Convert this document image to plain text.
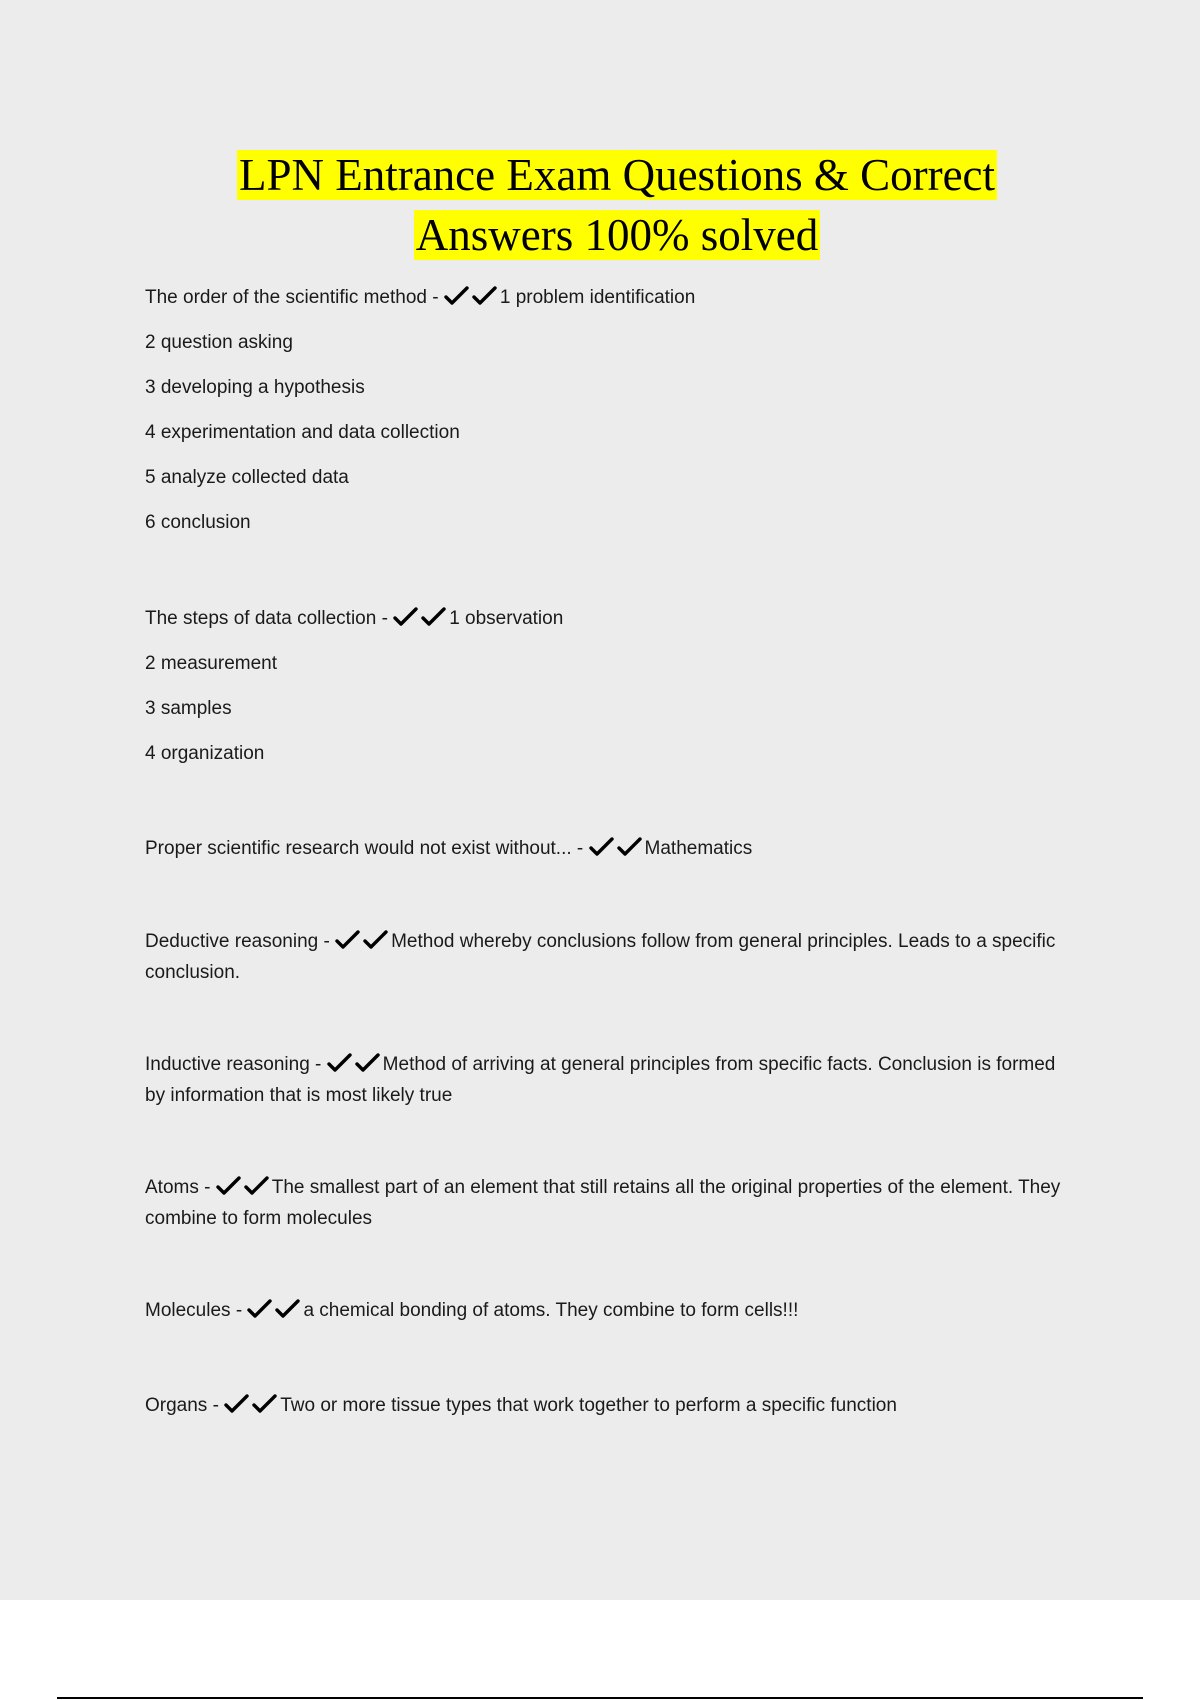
LPN Entrance Exam Questions & Correct
Answers 100% solved
The order of the scientific method -	1 problem identification
2 question asking
3 developing a hypothesis
4 experimentation and data collection
5 analyze collected data
6 conclusion
The steps of data collection -	1 observation
2 measurement
3 samples
4 organization
Proper scientific research would not exist without... -	Mathematics
Deductive reasoning -	Method whereby conclusions follow from general principles. Leads to a specific conclusion.
Inductive reasoning -	Method of arriving at general principles from specific facts. Conclusion is formed by information that is most likely true
Atoms -	The smallest part of an element that still retains all the original properties of the element. They combine to form molecules
Molecules -	a chemical bonding of atoms. They combine to form cells!!!
Organs -	Two or more tissue types that work together to perform a specific function
